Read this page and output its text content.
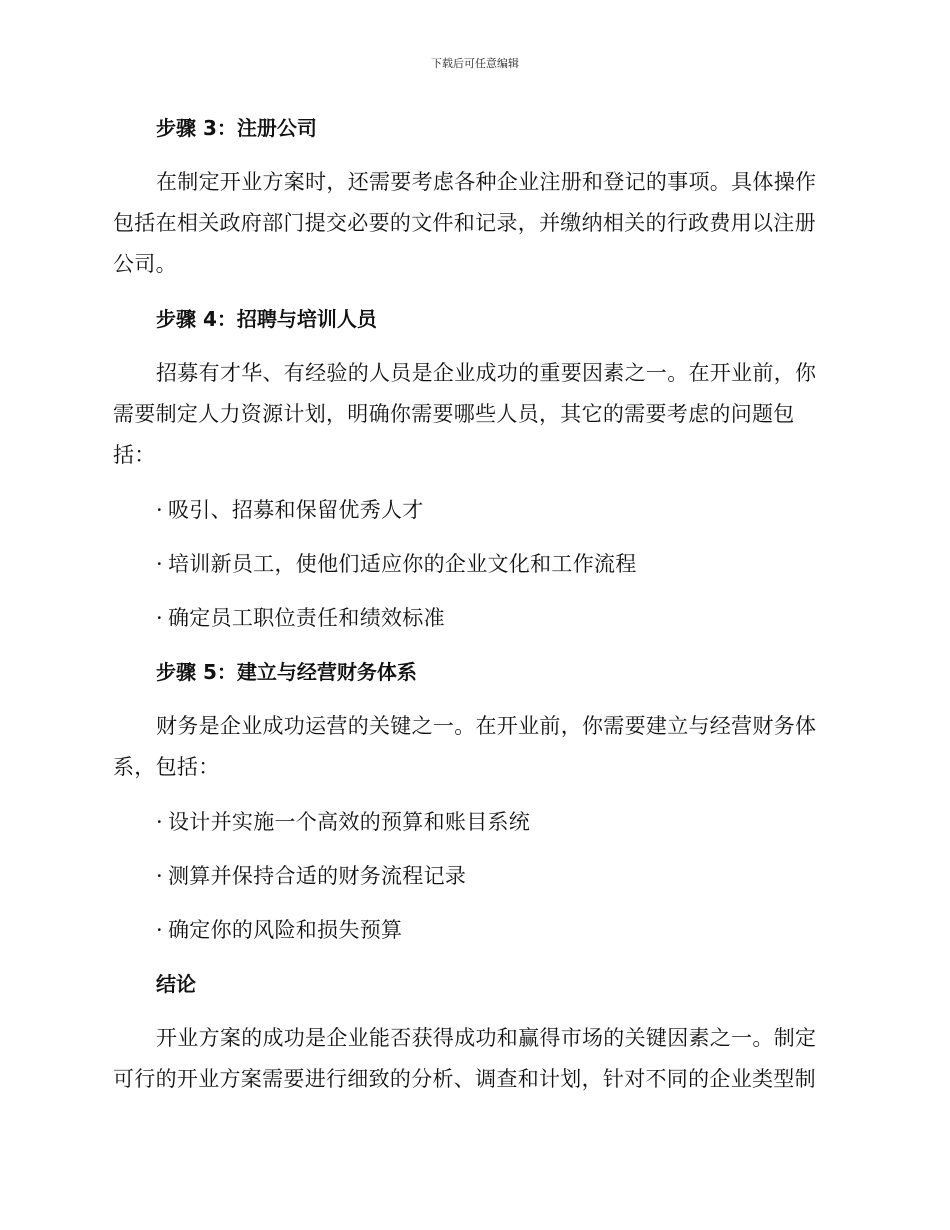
下载后可任意编辑
步骤 3：注册公司
在制定开业方案时，还需要考虑各种企业注册和登记的事项。具体操作包括在相关政府部门提交必要的文件和记录，并缴纳相关的行政费用以注册公司。
步骤 4：招聘与培训人员
招募有才华、有经验的人员是企业成功的重要因素之一。在开业前，你需要制定人力资源计划，明确你需要哪些人员，其它的需要考虑的问题包括：
· 吸引、招募和保留优秀人才
· 培训新员工，使他们适应你的企业文化和工作流程
· 确定员工职位责任和绩效标准
步骤 5：建立与经营财务体系
财务是企业成功运营的关键之一。在开业前，你需要建立与经营财务体系，包括：
· 设计并实施一个高效的预算和账目系统
· 测算并保持合适的财务流程记录
· 确定你的风险和损失预算
结论
开业方案的成功是企业能否获得成功和赢得市场的关键因素之一。制定可行的开业方案需要进行细致的分析、调查和计划，针对不同的企业类型制
